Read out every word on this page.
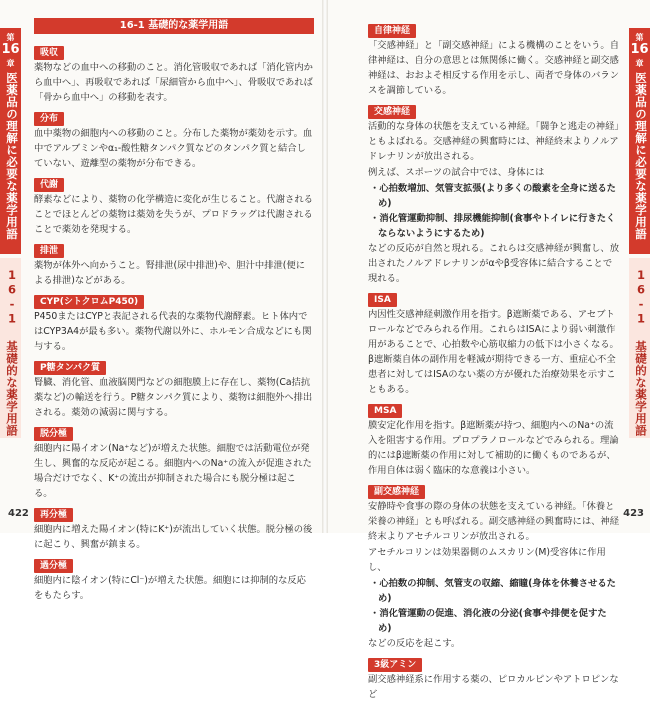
第
16
章
医薬品の理解に必要な薬学用語
16-1 基礎的な薬学用語
422
16-1 基礎的な薬学用語
吸収

薬物などの血中への移動のこと。消化管吸収であれば「消化管内から血中へ」、再吸収であれば「尿細管から血中へ」、骨吸収であれば「骨から血中へ」の移動を表す。

分布

血中薬物の細胞内への移動のこと。分布した薬物が薬効を示す。血中でアルブミンやα₁-酸性糖タンパク質などのタンパク質と結合していない、遊離型の薬物が分布できる。

代謝

酵素などにより、薬物の化学構造に変化が生じること。代謝されることでほとんどの薬物は薬効を失うが、プロドラッグは代謝されることで薬効を発現する。

排泄

薬物が体外へ向かうこと。腎排泄(尿中排泄)や、胆汁中排泄(便による排泄)などがある。

CYP(シトクロムP450)

P450またはCYPと表記される代表的な薬物代謝酵素。ヒト体内ではCYP3A4が最も多い。薬物代謝以外に、ホルモン合成などにも関与する。

P糖タンパク質

腎臓、消化管、血液脳関門などの細胞膜上に存在し、薬物(Ca拮抗薬など)の輸送を行う。P糖タンパク質により、薬物は細胞外へ排出される。薬効の減弱に関与する。

脱分極

細胞内に陽イオン(Na⁺など)が増えた状態。細胞では活動電位が発生し、興奮的な反応が起こる。細胞内へのNa⁺の流入が促進された場合だけでなく、K⁺の流出が抑制された場合にも脱分極は起こる。

再分極

細胞内に増えた陽イオン(特にK⁺)が流出していく状態。脱分極の後に起こり、興奮が鎮まる。

過分極

細胞内に陰イオン(特にCl⁻)が増えた状態。細胞には抑制的な反応をもたらす。

第
16
章
医薬品の理解に必要な薬学用語
16-1 基礎的な薬学用語
423
自律神経

「交感神経」と「副交感神経」による機構のことをいう。自律神経は、自分の意思とは無関係に働く。交感神経と副交感神経は、おおよそ相反する作用を示し、両者で身体のバランスを調節している。

交感神経

活動的な身体の状態を支えている神経。「闘争と逃走の神経」ともよばれる。交感神経の興奮時には、神経終末よりノルアドレナリンが放出される。

例えば、スポーツの試合中では、身体には

・ 心拍数増加、気管支拡張(より多くの酸素を全身に送るため)

・ 消化管運動抑制、排尿機能抑制(食事やトイレに行きたくならないようにするため)

などの反応が自然と現れる。これらは交感神経が興奮し、放出されたノルアドレナリンがαやβ受容体に結合することで現れる。

ISA

内因性交感神経刺激作用を指す。β遮断薬である、アセブトロールなどでみられる作用。これらはISAにより弱い刺激作用があることで、心拍数や心筋収縮力の低下は小さくなる。β遮断薬自体の副作用を軽減が期待できる一方、重症心不全患者に対してはISAのない薬の方が優れた治療効果を示すこともある。

MSA

膜安定化作用を指す。β遮断薬が持つ、細胞内へのNa⁺の流入を阻害する作用。プロプラノロールなどでみられる。理論的にはβ遮断薬の作用に対して補助的に働くものであるが、作用自体は弱く臨床的な意義は小さい。

副交感神経

安静時や食事の際の身体の状態を支えている神経。「休養と栄養の神経」とも呼ばれる。副交感神経の興奮時には、神経終末よりアセチルコリンが放出される。

アセチルコリンは効果器側のムスカリン(M)受容体に作用し、

・ 心拍数の抑制、気管支の収縮、縮瞳(身体を休養させるため)

・ 消化管運動の促進、消化液の分泌(食事や排便を促すため)

などの反応を起こす。

3級アミン

副交感神経系に作用する薬の、ピロカルピンやアトロピンなど
